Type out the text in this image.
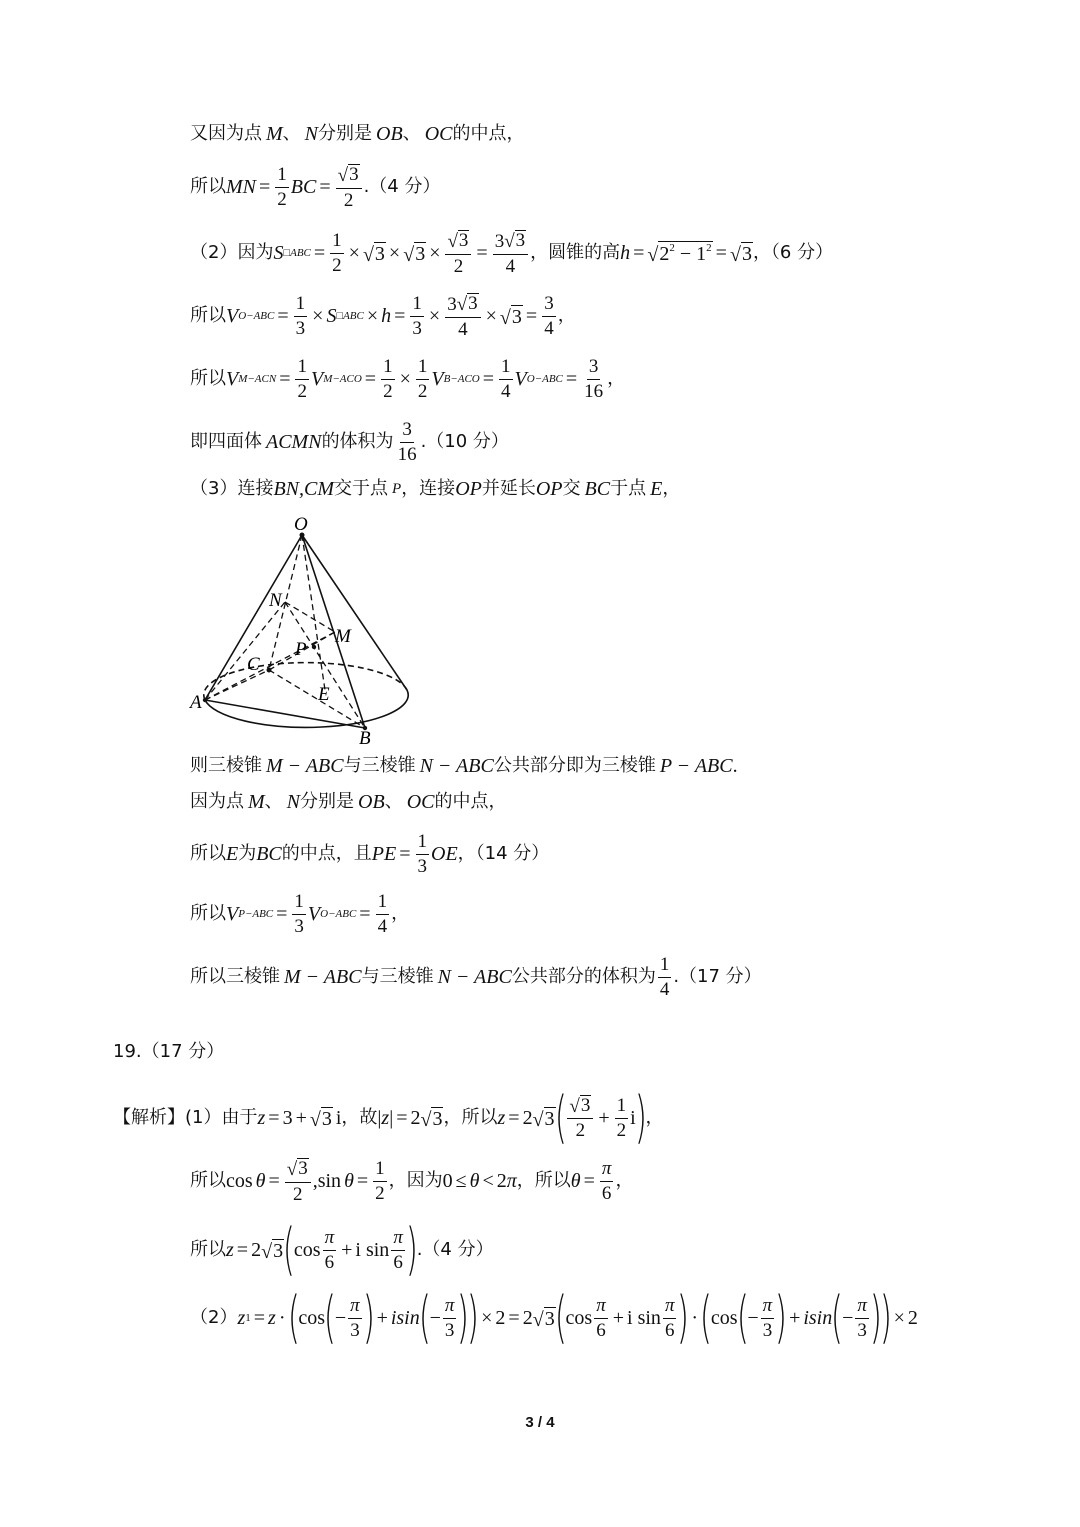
又因为点 M 、 N 分别是 OB 、 OC 的中点，
所以 MN = $\frac{1}{2}$ BC = $\frac{√ 3}{2} .(4$ 分）
（2）因为 S □ABC = $\frac{1}{2}$ × √ 3 × √ $3 \times \frac{√ 3}{2} = \frac{3√ 3}{4}$ ，圆锥的高 h = √ $2^2 - 1^2$ = √ 3 ，（6 分）
所以 V $O-ABC = \frac{1}{3} \times S$ □ABC × $h = \frac{1}{3} \times \frac{3√ 3}{4}$ × √ $3 = \frac{3}{4}$ ，
所以 V $M-ACN = \frac{1}{2}$ V $M-ACO = \frac{1}{2} \times \frac{1}{2}$ V $B-ACO = \frac{1}{4}$ V $O-ABC = \frac{3}{16}$ ，
即四面体 ACMN 的体积为 $\frac{3}{16} .(10$ 分）
（3）连接 BN,CM 交于点 P ，连接 OP 并延长 OP 交 BC 于点 E ，
O
N
M
P
C
E
A
B
则三棱锥 M − ABC 与三棱锥 N − ABC 公共部分即为三棱锥 P − ABC .
因为点 M 、 N 分别是 OB 、 OC 的中点，
所以 E 为 BC 的中点，且 PE = $\frac{1}{3}$ OE ，（14 分）
所以 V $P-ABC = \frac{1}{3}$ V $O-ABC = \frac{1}{4}$ ，
所以三棱锥 M − ABC 与三棱锥 N − ABC 公共部分的体积为 $\frac{1}{4} .(17$ 分）
19.（17 分）
【解析】(1）由于 z = 3 + √ 3 i ，故 | z | = 2 √ 3 ，所以 z = 2 √ 3 ( $\frac{√ 3}{2} + \frac{1}{2}$ i
)
，
所以 $\cos \theta = \frac{√ 3}{2} ,\sin$ $\theta = \frac{1}{2}$ ，因为 0 ≤ θ < 2 π ，所以 $\theta = \frac{\pi}{6}$ ，
所以 z = 2 √ 3 (
$\cos \frac{\pi}{6} + i$ $\sin \frac{\pi}{6}$ )
.（4 分）
（2） z 1 = z · (
cos
(
− $\frac{\pi}{3}$ ) + isin
(
− $\frac{\pi}{3}$ )
) × 2 = 2 √ 3 (
$\cos \frac{\pi}{6} + i$ $\sin \frac{\pi}{6}$ ) · (
cos
(
− $\frac{\pi}{3}$ ) + isin
(
− $\frac{\pi}{3}$ )
) × 2
3 / 4
